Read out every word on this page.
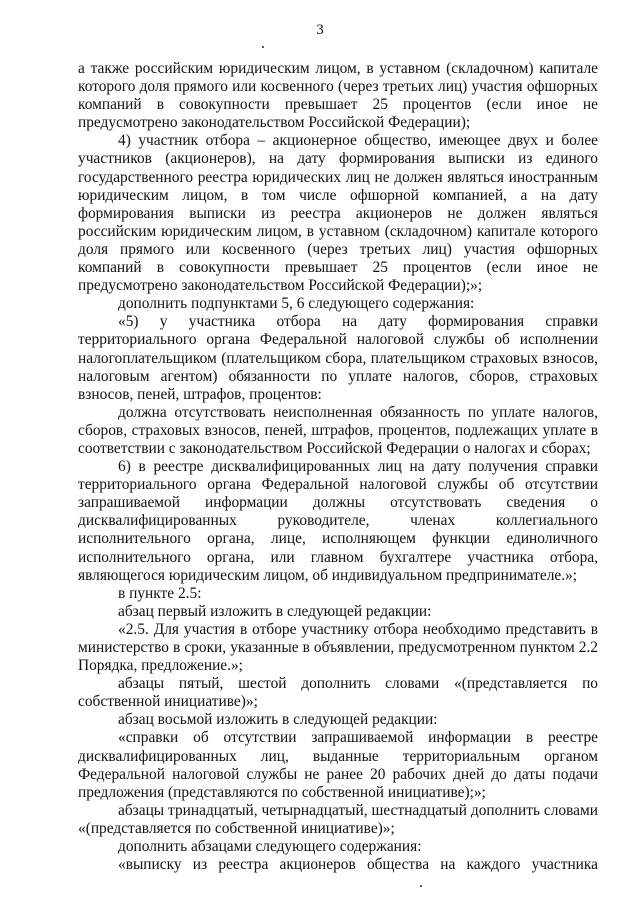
3

а также российским юридическим лицом, в уставном (складочном) капитале которого доля прямого или косвенного (через третьих лиц) участия офшорных компаний в совокупности превышает 25 процентов (если иное не предусмотрено законодательством Российской Федерации);

4) участник отбора – акционерное общество, имеющее двух и более участников (акционеров), на дату формирования выписки из единого государственного реестра юридических лиц не должен являться иностранным юридическим лицом, в том числе офшорной компанией, а на дату формирования выписки из реестра акционеров не должен являться российским юридическим лицом, в уставном (складочном) капитале которого доля прямого или косвенного (через третьих лиц) участия офшорных компаний в совокупности превышает 25 процентов (если иное не предусмотрено законодательством Российской Федерации);»;

дополнить подпунктами 5, 6 следующего содержания:

«5) у участника отбора на дату формирования справки территориального органа Федеральной налоговой службы об исполнении налогоплательщиком (плательщиком сбора, плательщиком страховых взносов, налоговым агентом) обязанности по уплате налогов, сборов, страховых взносов, пеней, штрафов, процентов:

должна отсутствовать неисполненная обязанность по уплате налогов, сборов, страховых взносов, пеней, штрафов, процентов, подлежащих уплате в соответствии с законодательством Российской Федерации о налогах и сборах;

6) в реестре дисквалифицированных лиц на дату получения справки территориального органа Федеральной налоговой службы об отсутствии запрашиваемой информации должны отсутствовать сведения о дисквалифицированных руководителе, членах коллегиального исполнительного органа, лице, исполняющем функции единоличного исполнительного органа, или главном бухгалтере участника отбора, являющегося юридическим лицом, об индивидуальном предпринимателе.»;

в пункте 2.5:

абзац первый изложить в следующей редакции:

«2.5. Для участия в отборе участнику отбора необходимо представить в министерство в сроки, указанные в объявлении, предусмотренном пунктом 2.2 Порядка, предложение.»;

абзацы пятый, шестой дополнить словами «(представляется по собственной инициативе)»;

абзац восьмой изложить в следующей редакции:

«справки об отсутствии запрашиваемой информации в реестре дисквалифицированных лиц, выданные территориальным органом Федеральной налоговой службы не ранее 20 рабочих дней до даты подачи предложения (представляются по собственной инициативе);»;

абзацы тринадцатый, четырнадцатый, шестнадцатый дополнить словами «(представляется по собственной инициативе)»;

дополнить абзацами следующего содержания:

«выписку из реестра акционеров общества на каждого участника
